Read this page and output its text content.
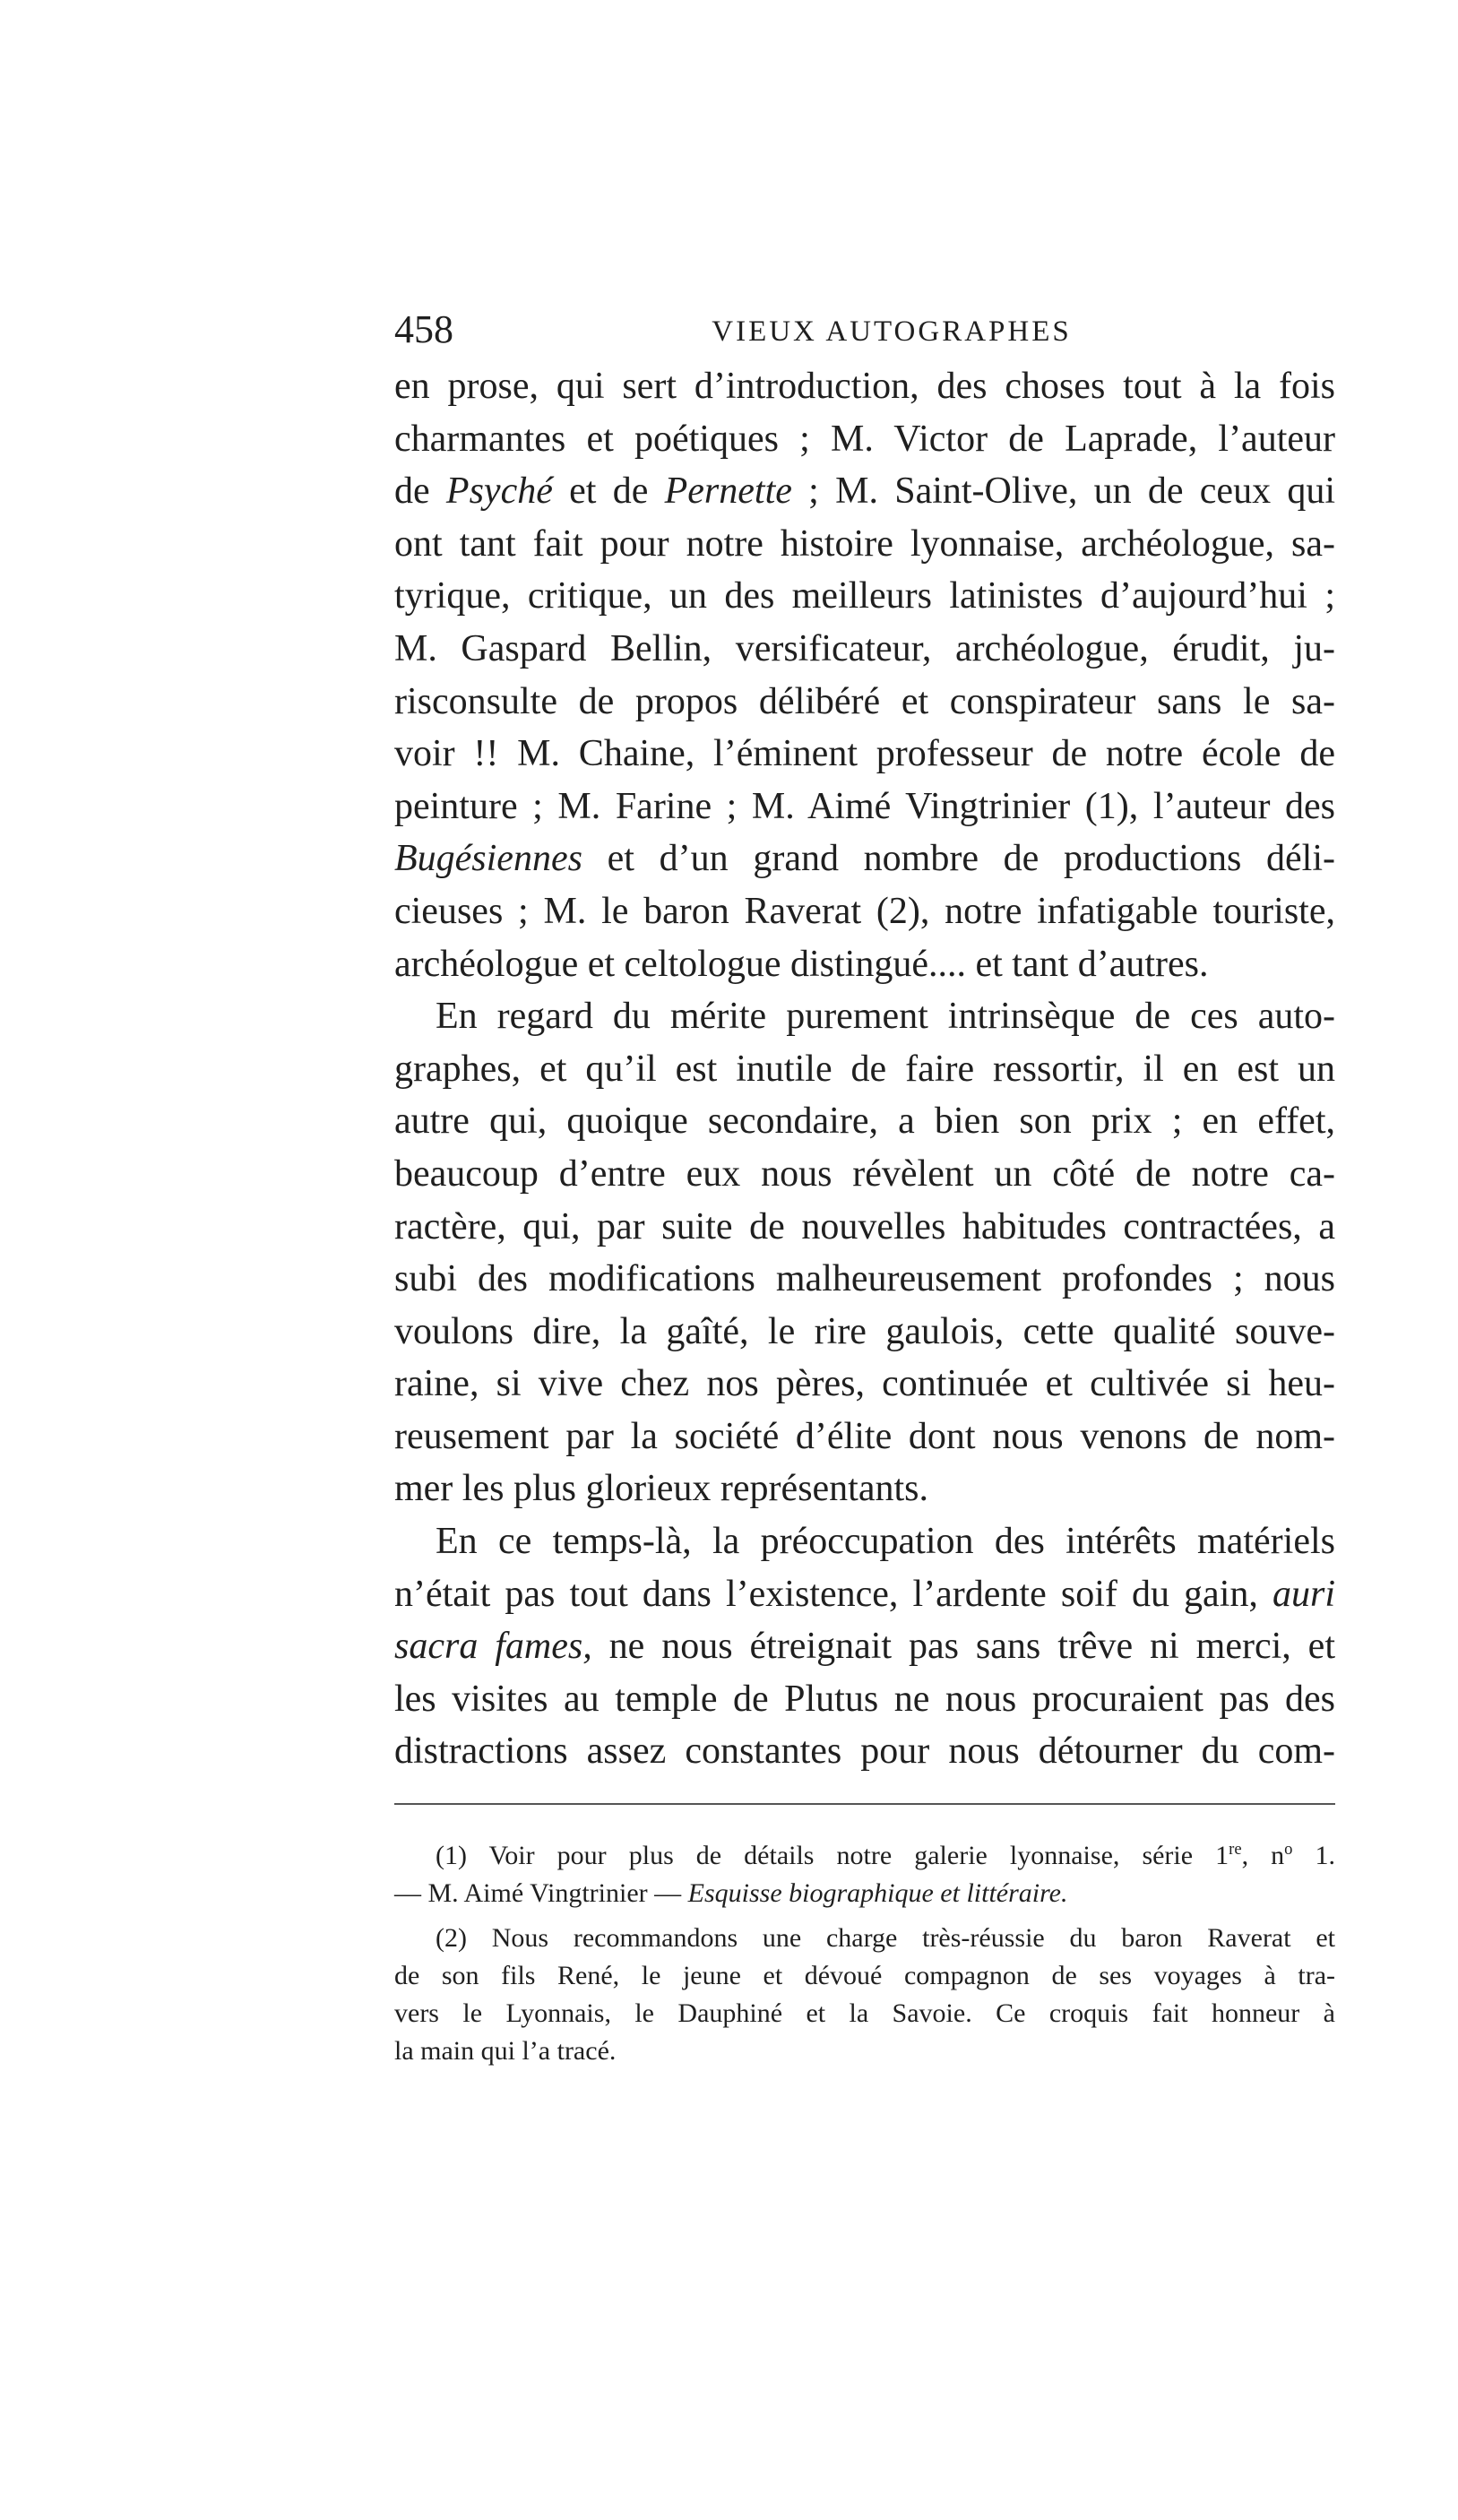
458	VIEUX AUTOGRAPHES
en prose, qui sert d’introduction, des choses tout à la fois
charmantes et poétiques ; M. Victor de Laprade, l’auteur
de Psyché et de Pernette ; M. Saint-Olive, un de ceux qui
ont tant fait pour notre histoire lyonnaise, archéologue, sa-
tyrique, critique, un des meilleurs latinistes d’aujourd’hui ;
M. Gaspard Bellin, versificateur, archéologue, érudit, ju-
risconsulte de propos délibéré et conspirateur sans le sa-
voir !! M. Chaine, l’éminent professeur de notre école de
peinture ; M. Farine ; M. Aimé Vingtrinier (1), l’auteur des
Bugésiennes et d’un grand nombre de productions déli-
cieuses ; M. le baron Raverat (2), notre infatigable touriste,
archéologue et celtologue distingué.... et tant d’autres.
En regard du mérite purement intrinsèque de ces auto-
graphes, et qu’il est inutile de faire ressortir, il en est un
autre qui, quoique secondaire, a bien son prix ; en effet,
beaucoup d’entre eux nous révèlent un côté de notre ca-
ractère, qui, par suite de nouvelles habitudes contractées, a
subi des modifications malheureusement profondes ; nous
voulons dire, la gaîté, le rire gaulois, cette qualité souve-
raine, si vive chez nos pères, continuée et cultivée si heu-
reusement par la société d’élite dont nous venons de nom-
mer les plus glorieux représentants.
En ce temps-là, la préoccupation des intérêts matériels
n’était pas tout dans l’existence, l’ardente soif du gain, auri
sacra fames, ne nous étreignait pas sans trêve ni merci, et
les visites au temple de Plutus ne nous procuraient pas des
distractions assez constantes pour nous détourner du com-
(1) Voir pour plus de détails notre galerie lyonnaise, série 1re, $n^o$ 1.
— M. Aimé Vingtrinier — Esquisse biographique et littéraire.
(2) Nous recommandons une charge très-réussie du baron Raverat et
de son fils René, le jeune et dévoué compagnon de ses voyages à tra-
vers le Lyonnais, le Dauphiné et la Savoie. Ce croquis fait honneur à
la main qui l’a tracé.
